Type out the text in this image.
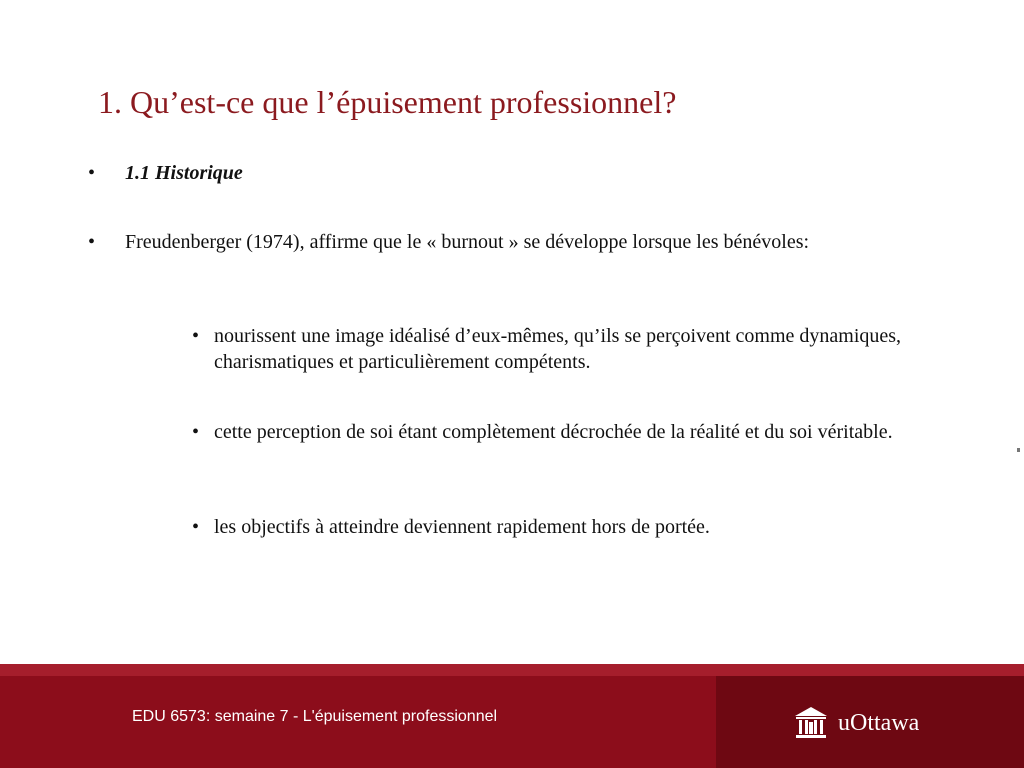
1. Qu’est-ce que l’épuisement professionnel?
• 1.1 Historique
• Freudenberger (1974), affirme que le « burnout » se développe lorsque les bénévoles:
• nourissent une image idéalisé d’eux-mêmes, qu’ils se perçoivent comme dynamiques, charismatiques et particulièrement compétents.
• cette perception de soi étant complètement décrochée de la réalité et du soi véritable.
• les objectifs à atteindre deviennent rapidement hors de portée.
EDU 6573: semaine 7 - L'épuisement professionnel	uOttawa
